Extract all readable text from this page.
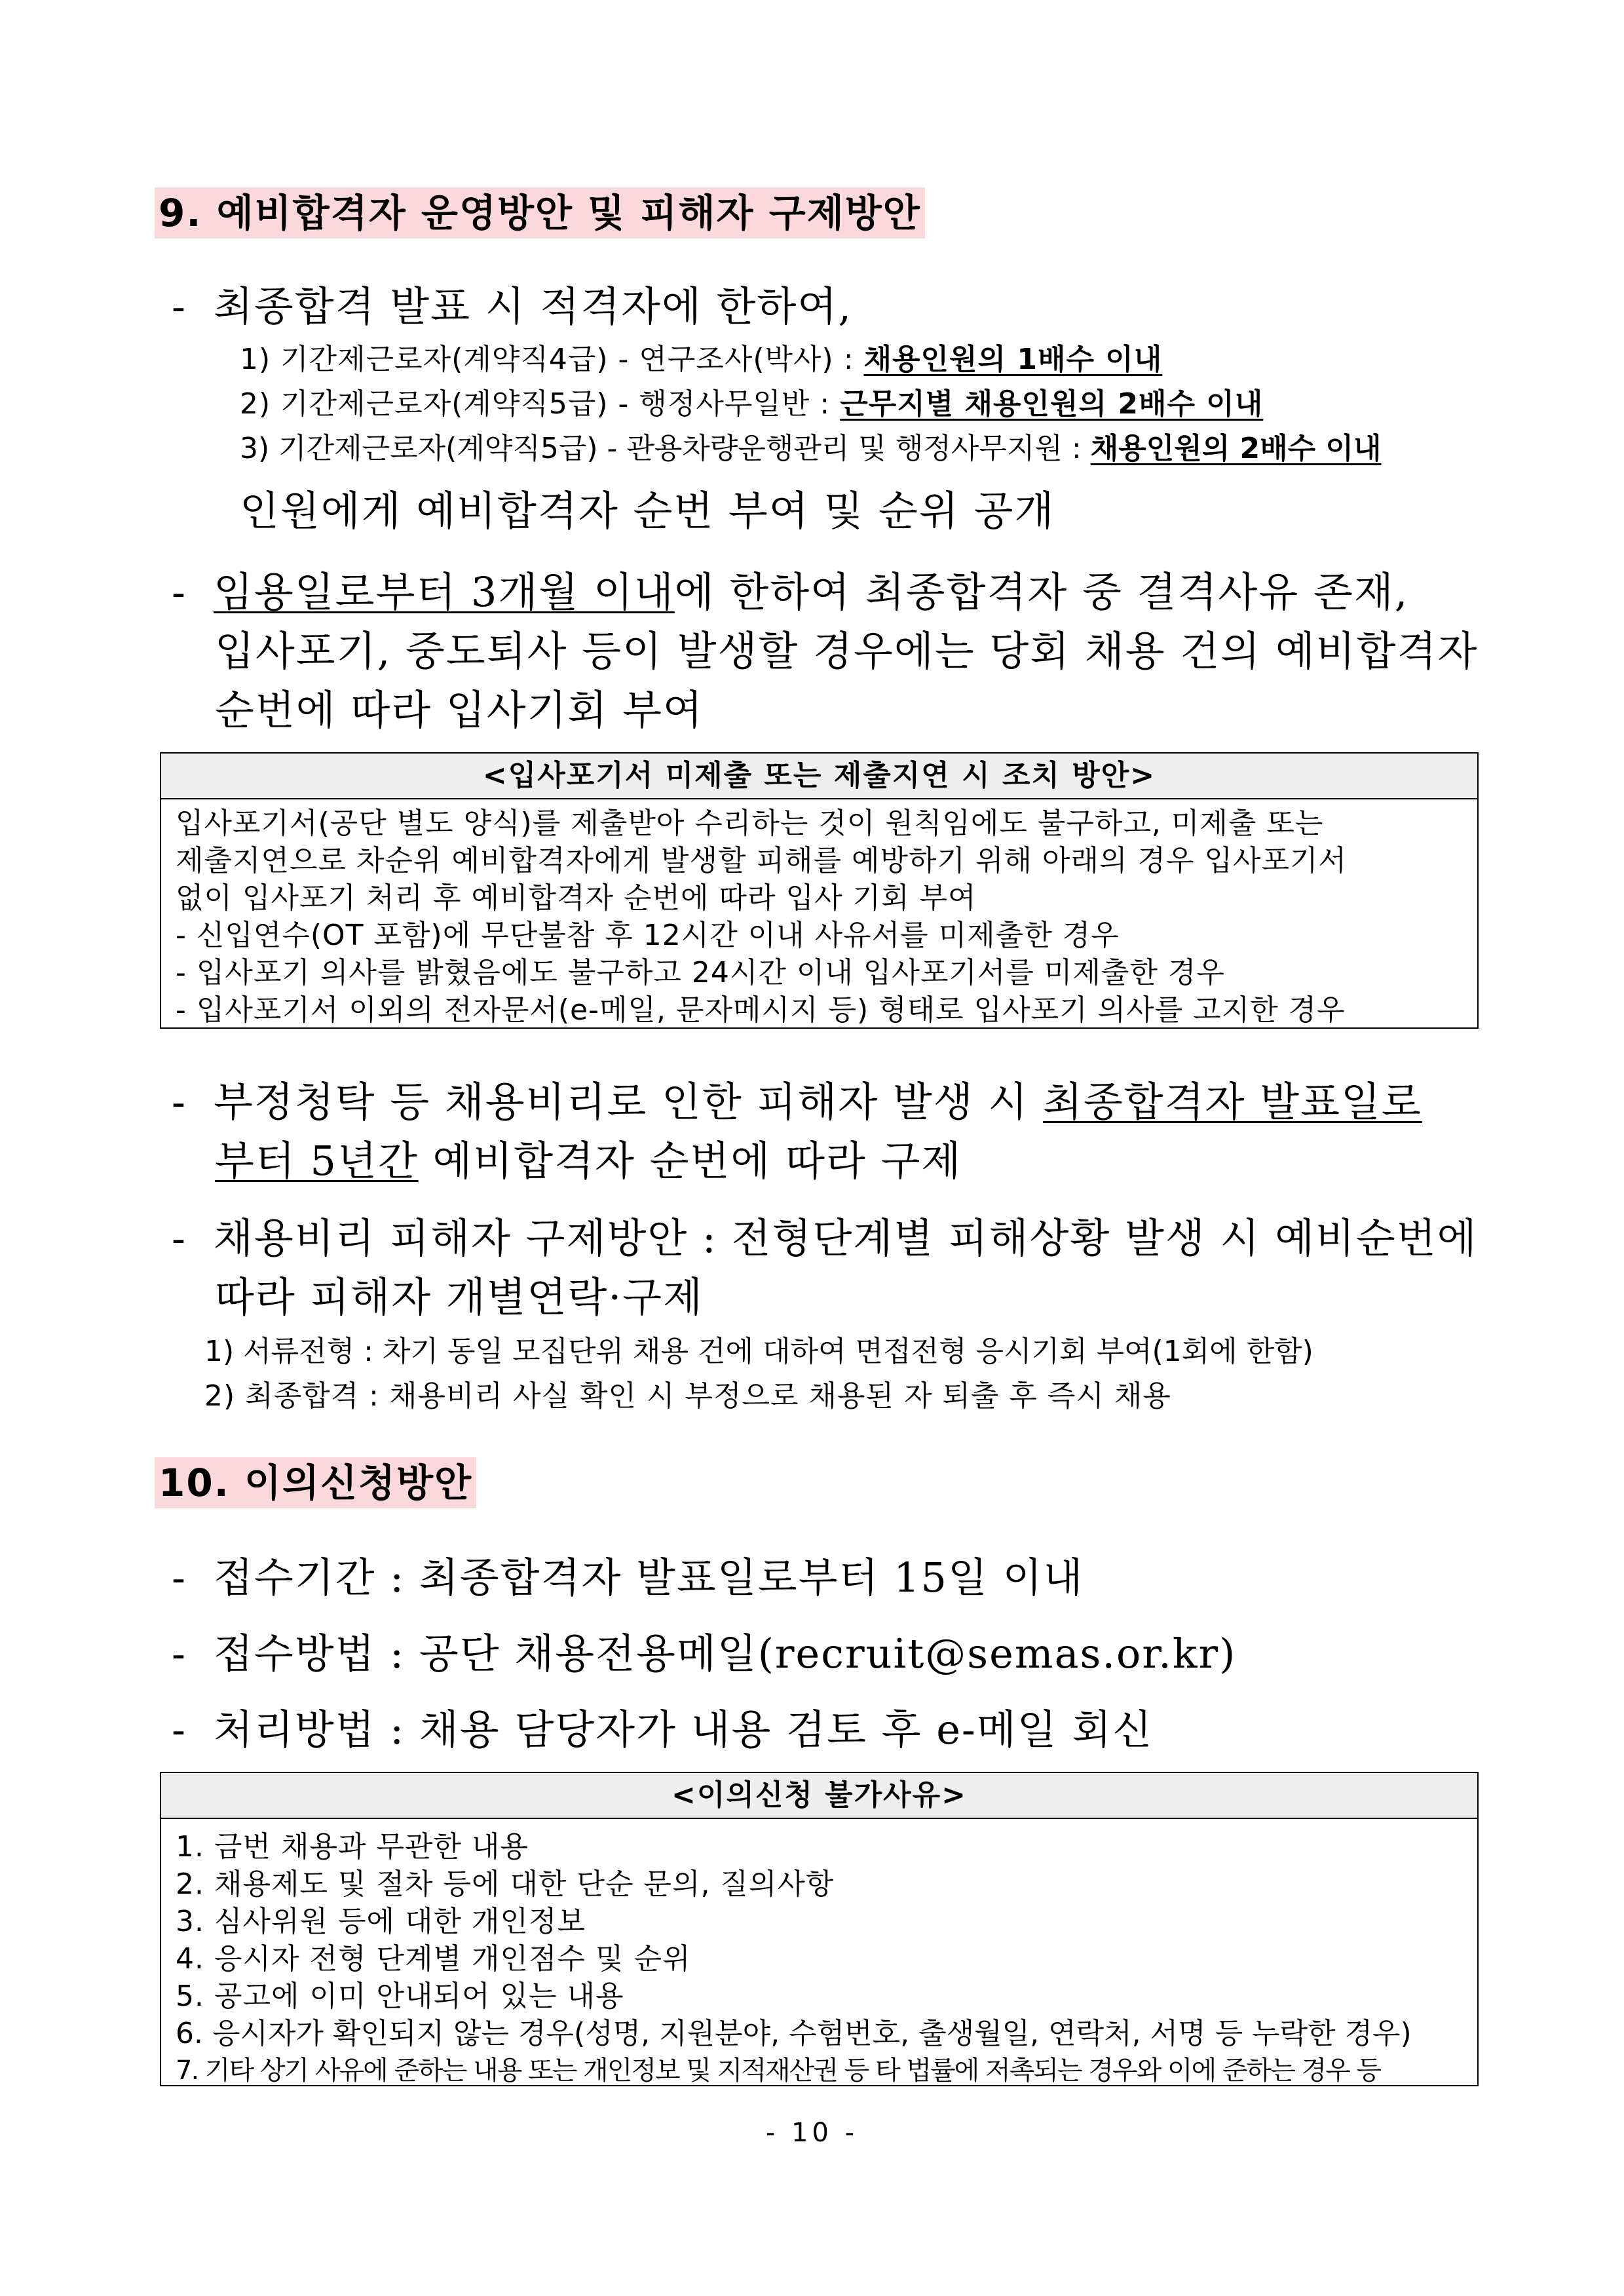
9. 예비합격자 운영방안 및 피해자 구제방안
- 최종합격 발표 시 적격자에 한하여,
1) 기간제근로자(계약직4급) - 연구조사(박사) : 채용인원의 1배수 이내
2) 기간제근로자(계약직5급) - 행정사무일반 : 근무지별 채용인원의 2배수 이내
3) 기간제근로자(계약직5급) - 관용차량운행관리 및 행정사무지원 : 채용인원의 2배수 이내
인원에게 예비합격자 순번 부여 및 순위 공개
- 임용일로부터 3개월 이내에 한하여 최종합격자 중 결격사유 존재,
입사포기, 중도퇴사 등이 발생할 경우에는 당회 채용 건의 예비합격자
순번에 따라 입사기회 부여
<입사포기서 미제출 또는 제출지연 시 조치 방안>
입사포기서(공단 별도 양식)를 제출받아 수리하는 것이 원칙임에도 불구하고, 미제출 또는
제출지연으로 차순위 예비합격자에게 발생할 피해를 예방하기 위해 아래의 경우 입사포기서
없이 입사포기 처리 후 예비합격자 순번에 따라 입사 기회 부여
- 신입연수(OT 포함)에 무단불참 후 12시간 이내 사유서를 미제출한 경우
- 입사포기 의사를 밝혔음에도 불구하고 24시간 이내 입사포기서를 미제출한 경우
- 입사포기서 이외의 전자문서(e-메일, 문자메시지 등) 형태로 입사포기 의사를 고지한 경우
- 부정청탁 등 채용비리로 인한 피해자 발생 시 최종합격자 발표일로
부터 5년간 예비합격자 순번에 따라 구제
- 채용비리 피해자 구제방안 : 전형단계별 피해상황 발생 시 예비순번에
따라 피해자 개별연락·구제
1) 서류전형 : 차기 동일 모집단위 채용 건에 대하여 면접전형 응시기회 부여(1회에 한함)
2) 최종합격 : 채용비리 사실 확인 시 부정으로 채용된 자 퇴출 후 즉시 채용
10. 이의신청방안
- 접수기간 : 최종합격자 발표일로부터 15일 이내
- 접수방법 : 공단 채용전용메일(recruit@semas.or.kr)
- 처리방법 : 채용 담당자가 내용 검토 후 e-메일 회신
<이의신청 불가사유>
1. 금번 채용과 무관한 내용
2. 채용제도 및 절차 등에 대한 단순 문의, 질의사항
3. 심사위원 등에 대한 개인정보
4. 응시자 전형 단계별 개인점수 및 순위
5. 공고에 이미 안내되어 있는 내용
6. 응시자가 확인되지 않는 경우(성명, 지원분야, 수험번호, 출생월일, 연락처, 서명 등 누락한 경우)
7. 기타 상기 사유에 준하는 내용 또는 개인정보 및 지적재산권 등 타 법률에 저촉되는 경우와 이에 준하는 경우 등
- 10 -
